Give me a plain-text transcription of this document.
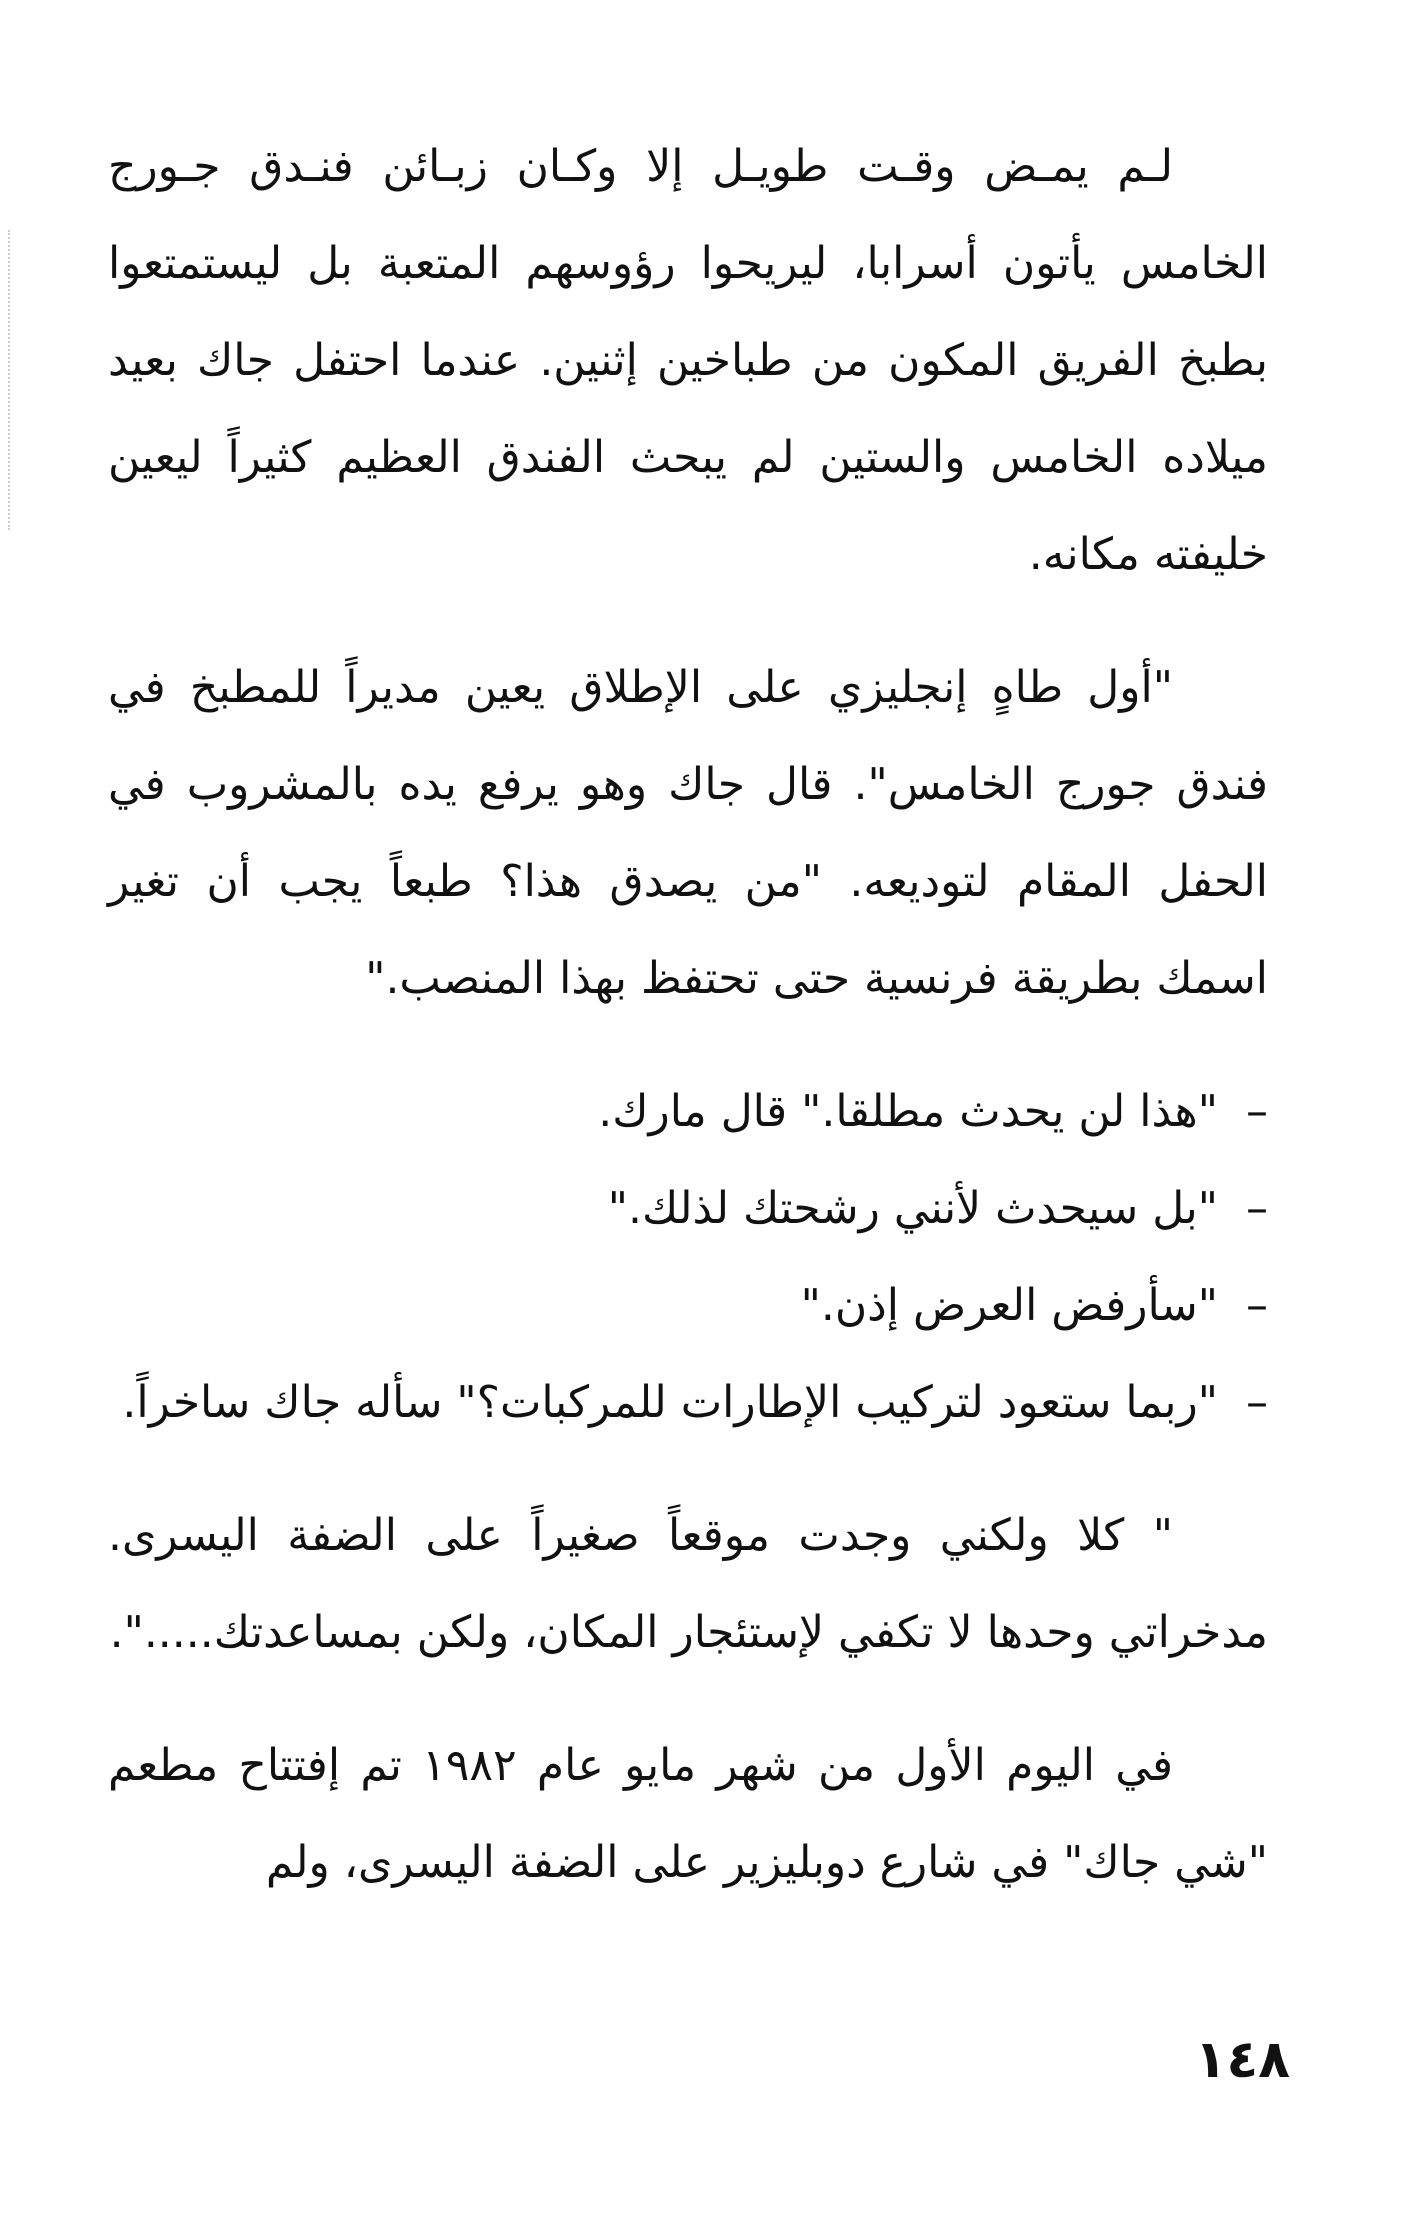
لـم يمـض وقـت طويـل إلا وكـان زبـائن فنـدق جـورج الخامس يأتون أسرابا، ليريحوا رؤوسهم المتعبة بل ليستمتعوا بطبخ الفريق المكون من طباخين إثنين. عندما احتفل جاك بعيد ميلاده الخامس والستين لم يبحث الفندق العظيم كثيراً ليعين خليفته مكانه.

"أول طاهٍ إنجليزي على الإطلاق يعين مديراً للمطبخ في فندق جورج الخامس". قال جاك وهو يرفع يده بالمشروب في الحفل المقام لتوديعه. "من يصدق هذا؟ طبعاً يجب أن تغير اسمك بطريقة فرنسية حتى تحتفظ بهذا المنصب."

–"هذا لن يحدث مطلقا." قال مارك.

–"بل سيحدث لأنني رشحتك لذلك."

–"سأرفض العرض إذن."

–"ربما ستعود لتركيب الإطارات للمركبات؟" سأله جاك ساخراً.

" كلا ولكني وجدت موقعاً صغيراً على الضفة اليسرى. مدخراتي وحدها لا تكفي لإستئجار المكان، ولكن بمساعدتك.....".

في اليوم الأول من شهر مايو عام ١٩٨٢ تم إفتتاح مطعم "شي جاك" في شارع دوبليزير على الضفة اليسرى، ولم

١٤٨
